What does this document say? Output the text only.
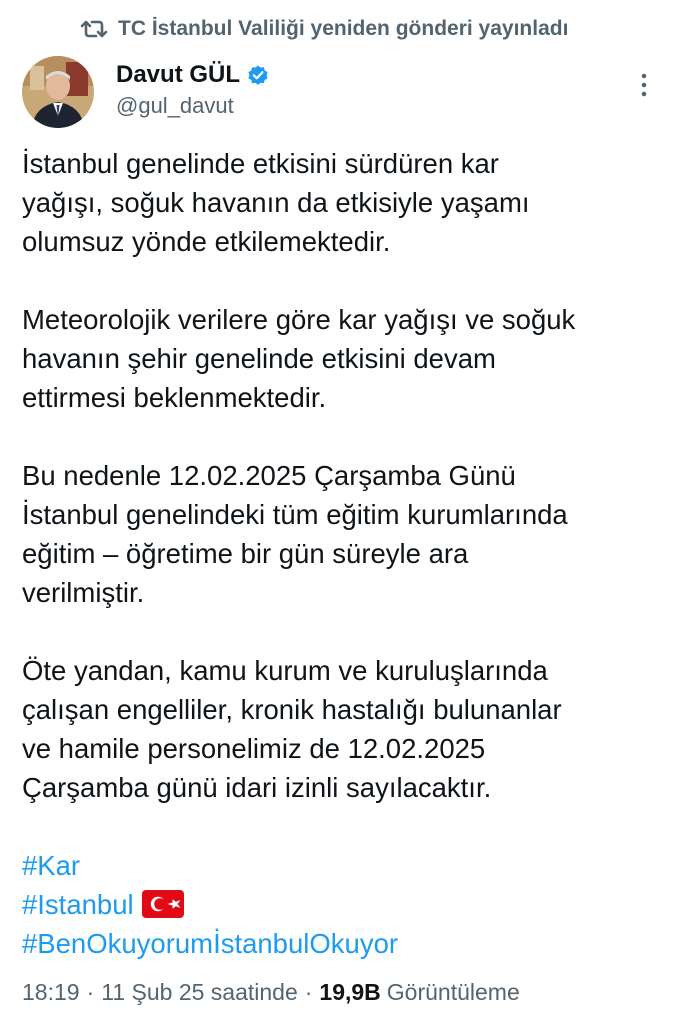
TC İstanbul Valiliği yeniden gönderi yayınladı
Davut GÜL
@gul_davut

İstanbul genelinde etkisini sürdüren kar
yağışı, soğuk havanın da etkisiyle yaşamı
olumsuz yönde etkilemektedir.

Meteorolojik verilere göre kar yağışı ve soğuk
havanın şehir genelinde etkisini devam
ettirmesi beklenmektedir.

Bu nedenle 12.02.2025 Çarşamba Günü
İstanbul genelindeki tüm eğitim kurumlarında
eğitim – öğretime bir gün süreyle ara
verilmiştir.

Öte yandan, kamu kurum ve kuruluşlarında
çalışan engelliler, kronik hastalığı bulunanlar
ve hamile personelimiz de 12.02.2025
Çarşamba günü idari izinli sayılacaktır.

#Kar
#Istanbul
#BenOkuyorumİstanbulOkuyor
18:19 · 11 Şub 25 saatinde · 19,9B Görüntüleme
